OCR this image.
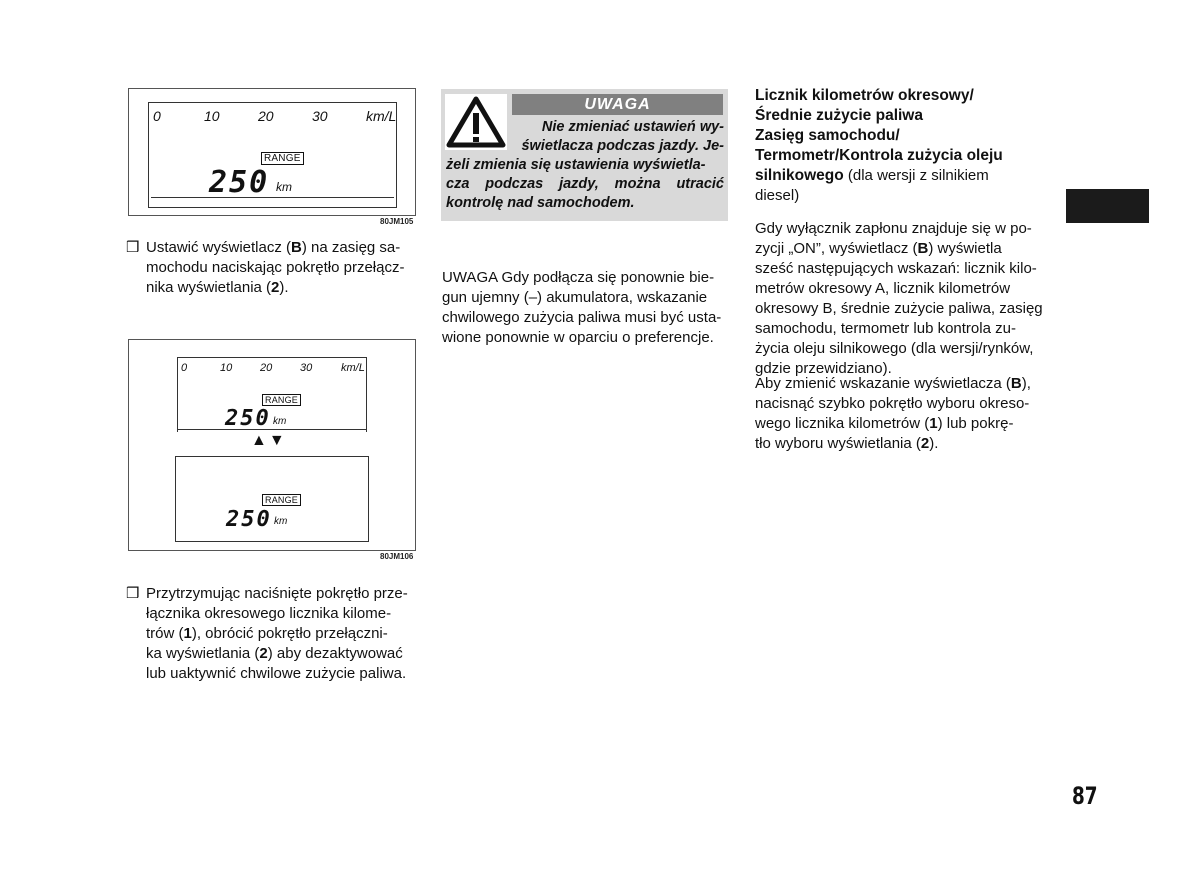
0	10	20	30	km/L
RANGE
250 km
80JM105
❒ Ustawić wyświetlacz (B) na zasięg sa-
mochodu naciskając pokrętło przełącz-
nika wyświetlania (2).
0	10	20	30	km/L
RANGE
250 km
▲▼
RANGE
250 km
80JM106
❒ Przytrzymując naciśnięte pokrętło prze-
łącznika okresowego licznika kilome-
trów (1), obrócić pokrętło przełączni-
ka wyświetlania (2) aby dezaktywować
lub uaktywnić chwilowe zużycie paliwa.
UWAGA
Nie zmieniać ustawień wy-
świetlacza podczas jazdy. Je-
żeli zmienia się ustawienia wyświetla-
cza podczas jazdy, można utracić
kontrolę nad samochodem.

UWAGA Gdy podłącza się ponownie bie-

gun ujemny (–) akumulatora, wskazanie

chwilowego zużycia paliwa musi być usta-

wione ponownie w oparciu o preferencje.

Licznik kilometrów okresowy/
Średnie zużycie paliwa
Zasięg samochodu/
Termometr/Kontrola zużycia oleju
silnikowego (dla wersji z silnikiem
diesel)

Gdy wyłącznik zapłonu znajduje się w po-

zycji „ON”, wyświetlacz (B) wyświetla

sześć następujących wskazań: licznik kilo-

metrów okresowy A, licznik kilometrów

okresowy B, średnie zużycie paliwa, zasięg

samochodu, termometr lub kontrola zu-

życia oleju silnikowego (dla wersji/rynków,

gdzie przewidziano).

Aby zmienić wskazanie wyświetlacza (B),

nacisnąć szybko pokrętło wyboru okreso-

wego licznika kilometrów (1) lub pokrę-

tło wyboru wyświetlania (2).

87
